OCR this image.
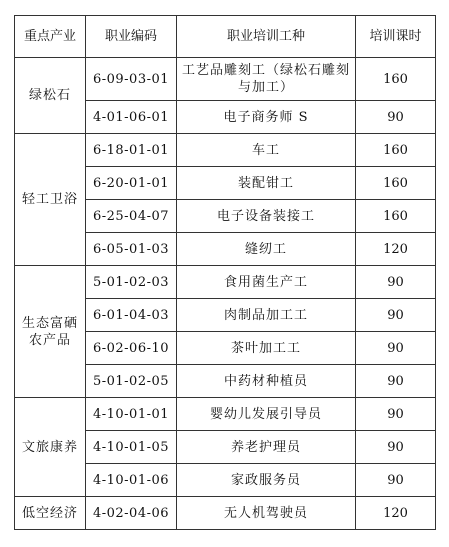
重点产业	职业编码	职业培训工种	培训课时
绿松石	6-09-03-01	工艺品雕刻工（绿松石雕刻与加工）	160
	4-01-06-01	电子商务师 S	90
轻工卫浴	6-18-01-01	车工	160
	6-20-01-01	装配钳工	160
	6-25-04-07	电子设备装接工	160
	6-05-01-03	缝纫工	120
生态富硒农产品	5-01-02-03	食用菌生产工	90
	6-01-04-03	肉制品加工工	90
	6-02-06-10	茶叶加工工	90
	5-01-02-05	中药材种植员	90
文旅康养	4-10-01-01	婴幼儿发展引导员	90
	4-10-01-05	养老护理员	90
	4-10-01-06	家政服务员	90
低空经济	4-02-04-06	无人机驾驶员	120
